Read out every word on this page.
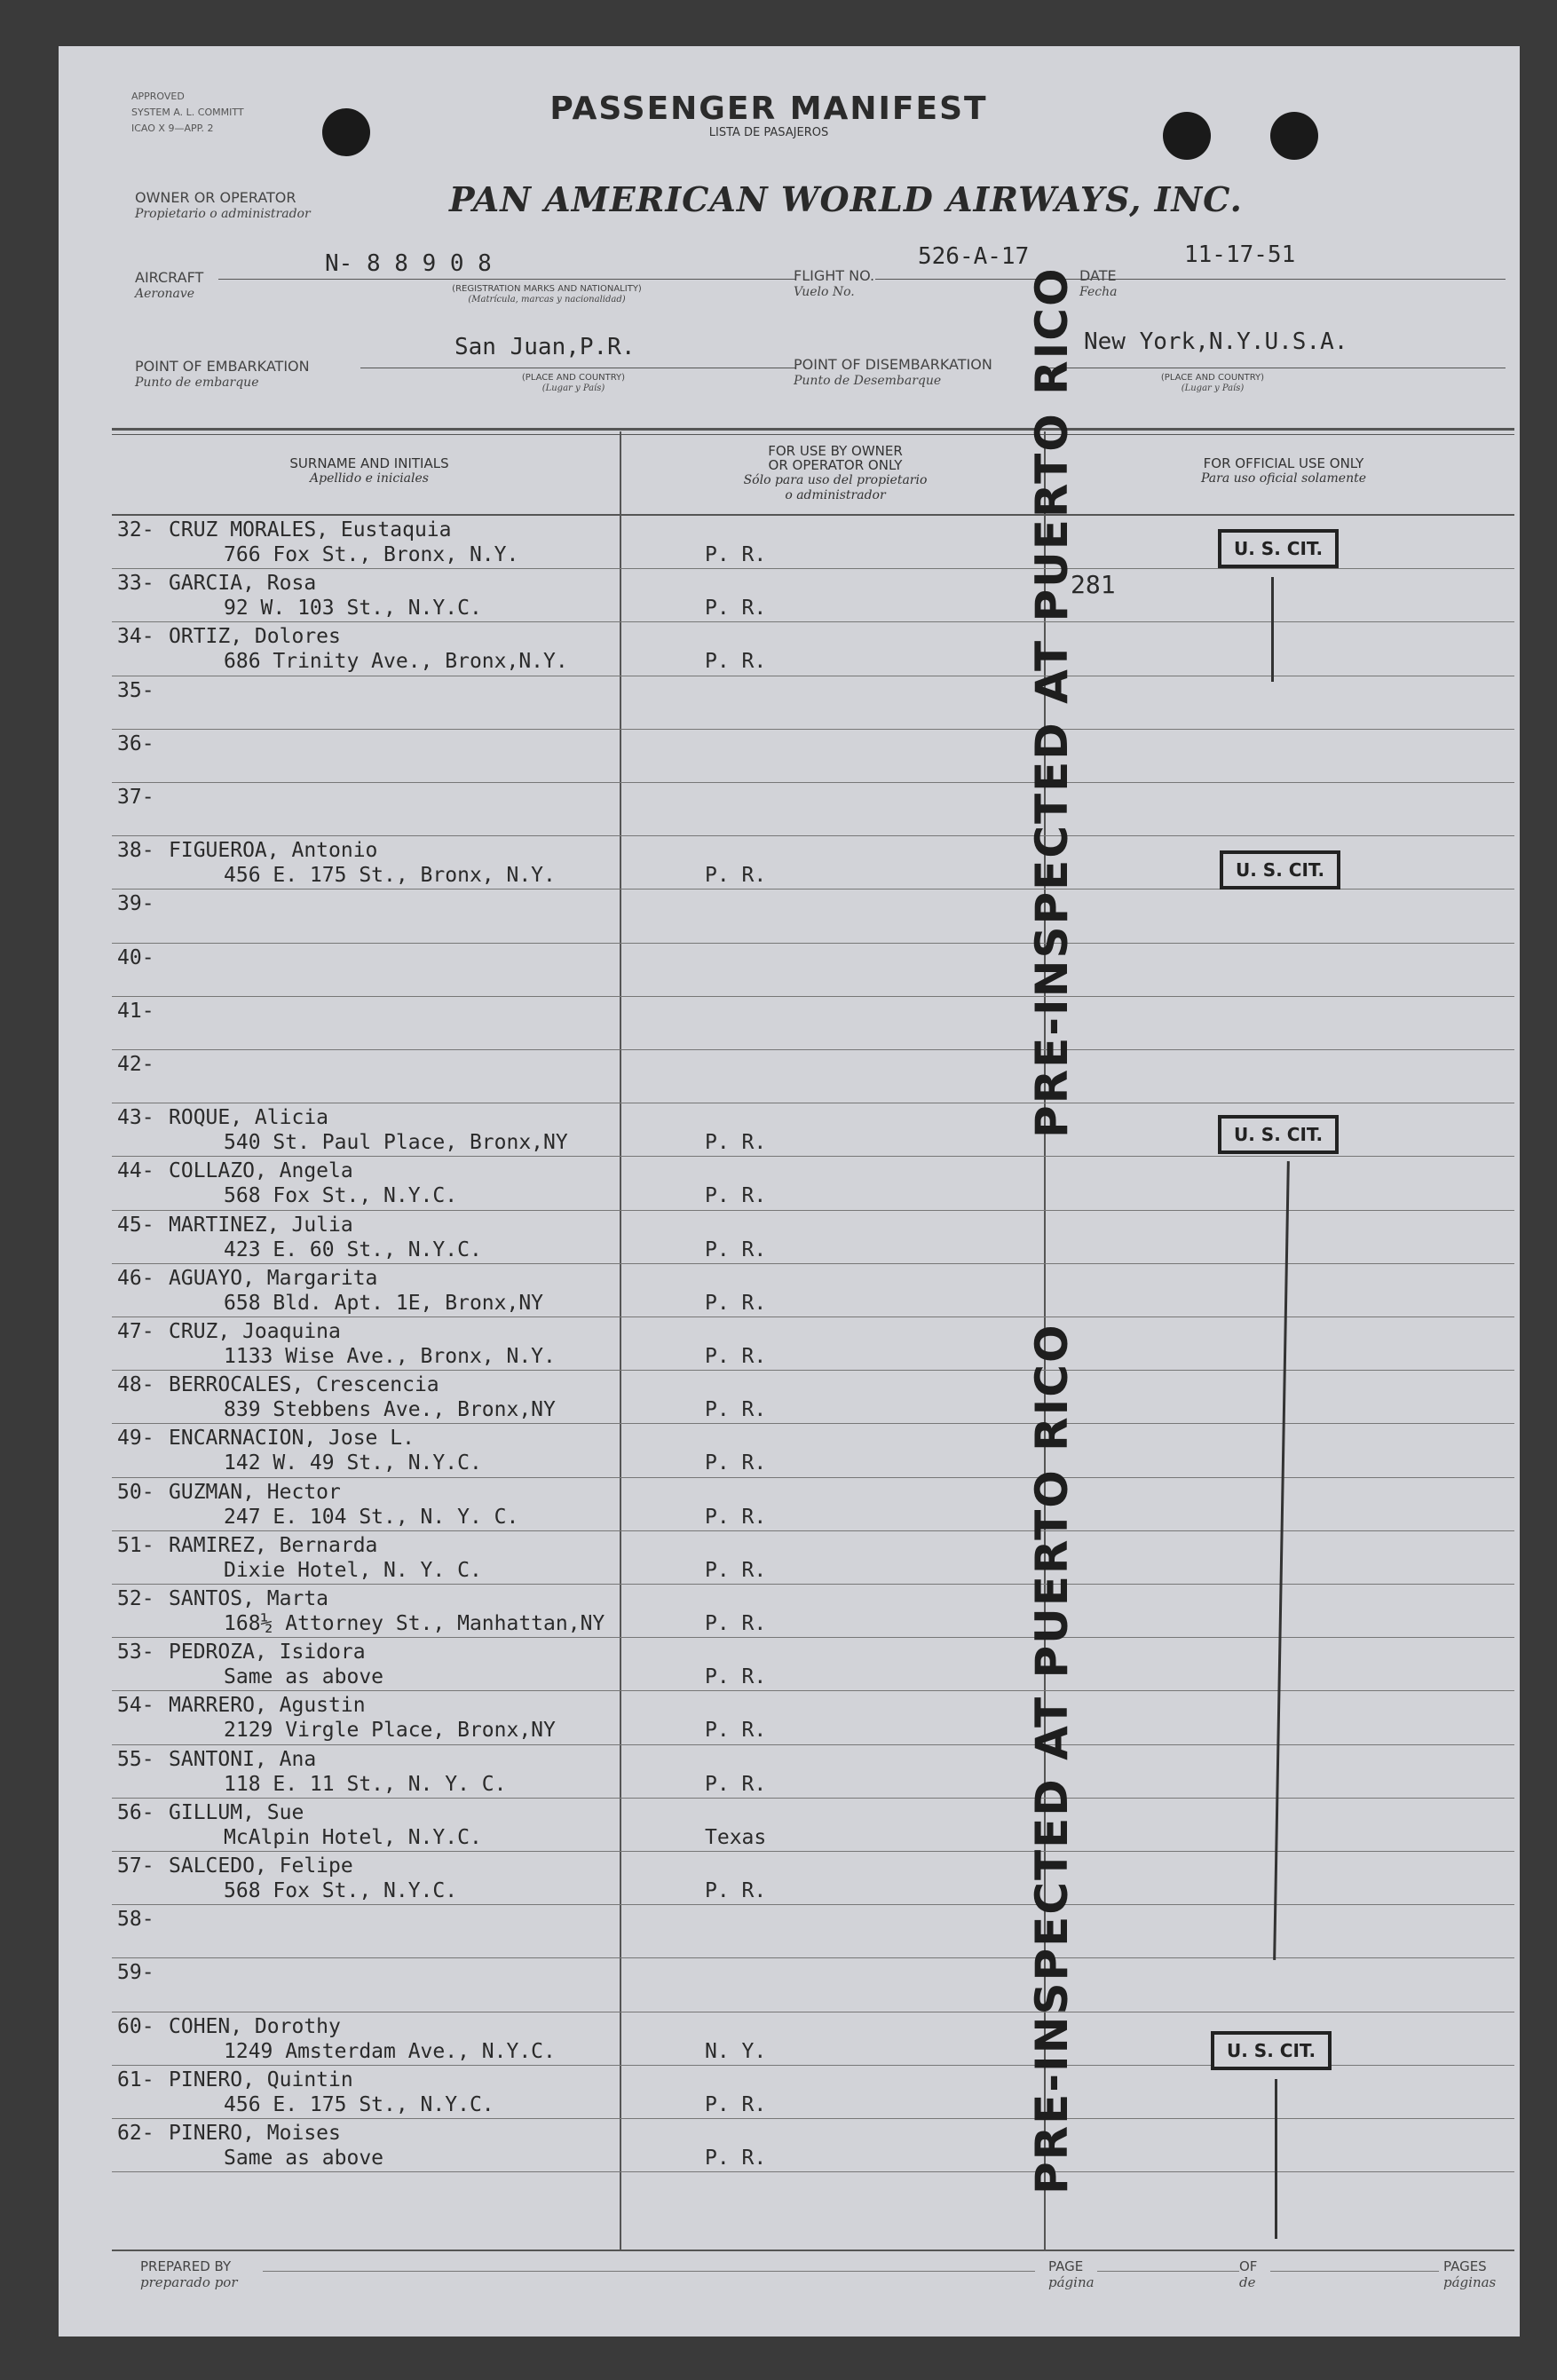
APPROVED
SYSTEM A. L. COMMITT
ICAO X 9—APP. 2
PASSENGER MANIFEST
LISTA DE PASAJEROS
OWNER OR OPERATOR
Propietario o administrador	PAN AMERICAN WORLD AIRWAYS, INC.
AIRCRAFT
Aeronave
N- 8 8 9 0 8
(REGISTRATION MARKS AND NATIONALITY)
(Matrícula, marcas y nacionalidad)
FLIGHT NO.
Vuelo No.
526-A-17
DATE
Fecha
11-17-51
POINT OF EMBARKATION
Punto de embarque
San Juan,P.R.
(PLACE AND COUNTRY)
(Lugar y País)
POINT OF DISEMBARKATION
Punto de Desembarque
New York,N.Y.U.S.A.
(PLACE AND COUNTRY)
(Lugar y País)
SURNAME AND INITIALS
Apellido e iniciales
FOR USE BY OWNER
OR OPERATOR ONLY
Sólo para uso del propietario
o administrador
FOR OFFICIAL USE ONLY
Para uso oficial solamente
32- CRUZ MORALES, Eustaquia
766 Fox St., Bronx, N.Y.	P. R.
33- GARCIA, Rosa
92 W. 103 St., N.Y.C.	P. R.
34- ORTIZ, Dolores
686 Trinity Ave., Bronx,N.Y.	P. R.
35-
36-
37-
38- FIGUEROA, Antonio
456 E. 175 St., Bronx, N.Y.	P. R.
39-
40-
41-
42-
43- ROQUE, Alicia
540 St. Paul Place, Bronx,NY	P. R.
44- COLLAZO, Angela
568 Fox St., N.Y.C.	P. R.
45- MARTINEZ, Julia
423 E. 60 St., N.Y.C.	P. R.
46- AGUAYO, Margarita
658 Bld. Apt. 1E, Bronx,NY	P. R.
47- CRUZ, Joaquina
1133 Wise Ave., Bronx, N.Y.	P. R.
48- BERROCALES, Crescencia
839 Stebbens Ave., Bronx,NY	P. R.
49- ENCARNACION, Jose L.
142 W. 49 St., N.Y.C.	P. R.
50- GUZMAN, Hector
247 E. 104 St., N. Y. C.	P. R.
51- RAMIREZ, Bernarda
Dixie Hotel, N. Y. C.	P. R.
52- SANTOS, Marta
168½ Attorney St., Manhattan,NY	P. R.
53- PEDROZA, Isidora
Same as above	P. R.
54- MARRERO, Agustin
2129 Virgle Place, Bronx,NY	P. R.
55- SANTONI, Ana
118 E. 11 St., N. Y. C.	P. R.
56- GILLUM, Sue
McAlpin Hotel, N.Y.C.	Texas
57- SALCEDO, Felipe
568 Fox St., N.Y.C.	P. R.
58-
59-
60- COHEN, Dorothy
1249 Amsterdam Ave., N.Y.C.	N. Y.
61- PINERO, Quintin
456 E. 175 St., N.Y.C.	P. R.
62- PINERO, Moises
Same as above	P. R.
U. S. CIT.
281
U. S. CIT.
U. S. CIT.
U. S. CIT.
PRE-INSPECTED AT PUERTO RICO
PRE-INSPECTED AT PUERTO RICO
PREPARED BY
preparado por
PAGE
página
OF
de
PAGES
páginas
